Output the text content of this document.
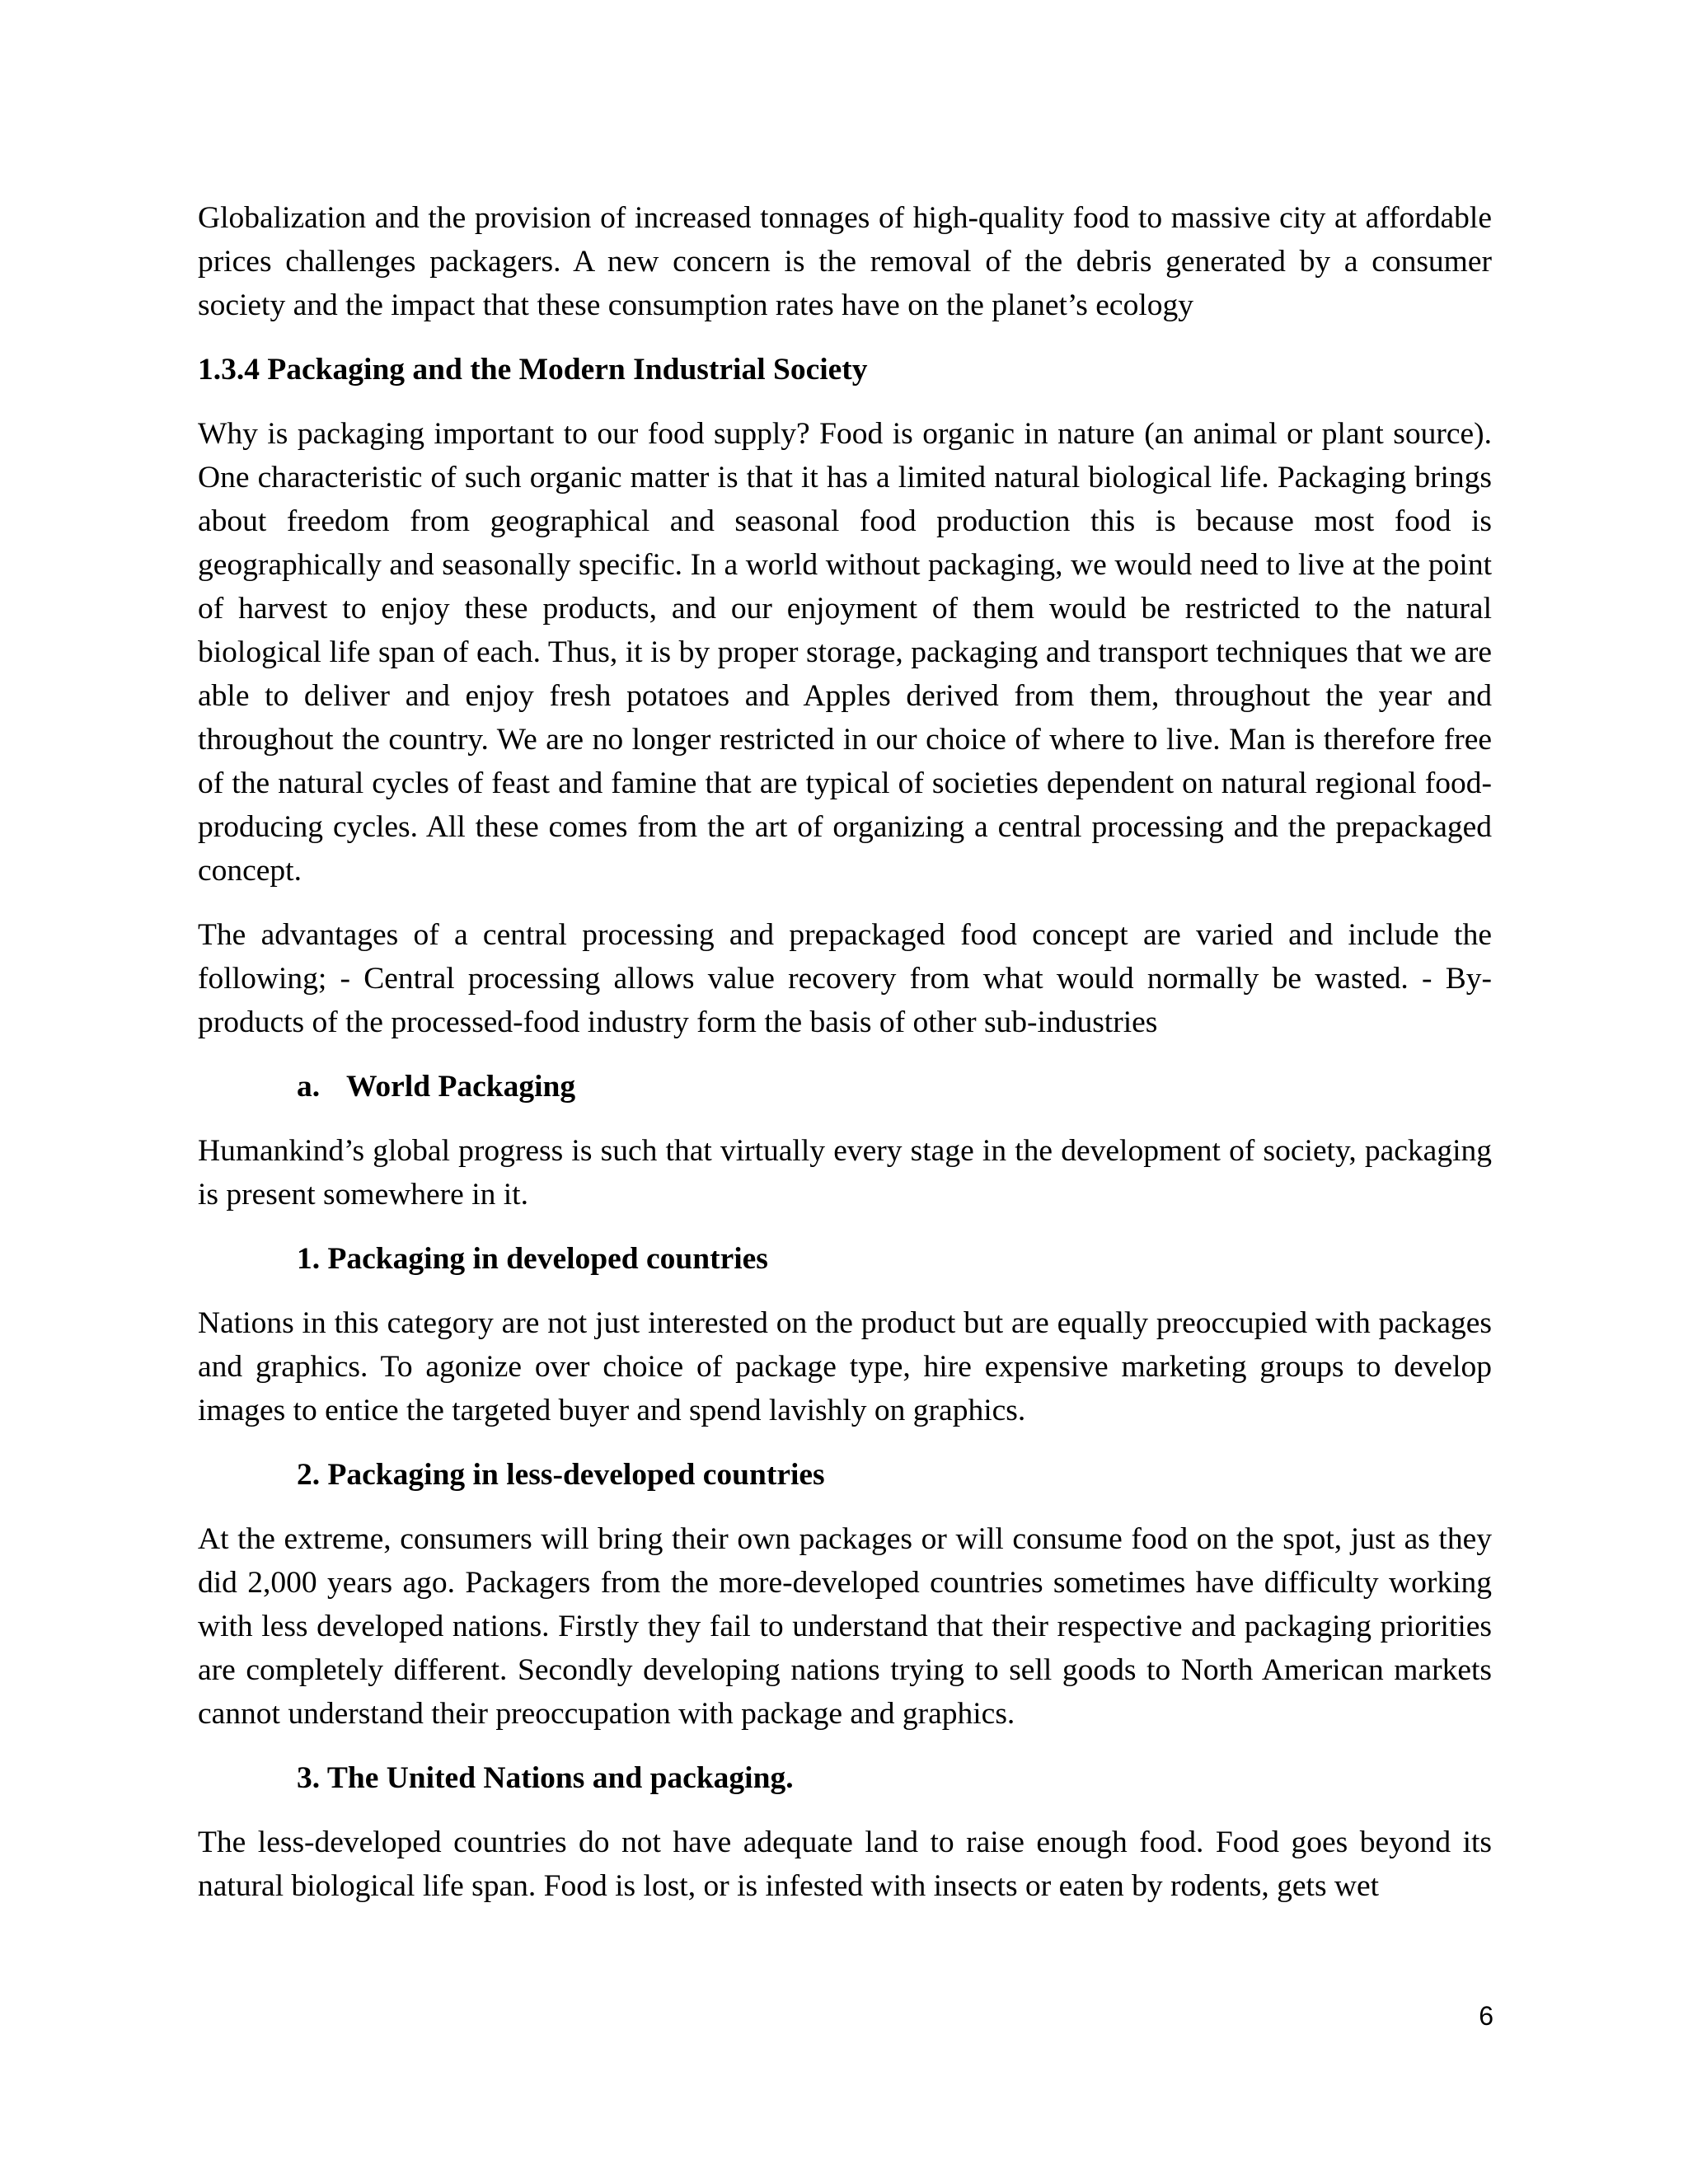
Globalization and the provision of increased tonnages of high-quality food to massive city at affordable prices challenges packagers. A new concern is the removal of the debris generated by a consumer society and the impact that these consumption rates have on the planet’s ecology

1.3.4 Packaging and the Modern Industrial Society

Why is packaging important to our food supply? Food is organic in nature (an animal or plant source). One characteristic of such organic matter is that it has a limited natural biological life. Packaging brings about freedom from geographical and seasonal food production this is because most food is geographically and seasonally specific. In a world without packaging, we would need to live at the point of harvest to enjoy these products, and our enjoyment of them would be restricted to the natural biological life span of each. Thus, it is by proper storage, packaging and transport techniques that we are able to deliver and enjoy fresh potatoes and Apples derived from them, throughout the year and throughout the country. We are no longer restricted in our choice of where to live. Man is therefore free of the natural cycles of feast and famine that are typical of societies dependent on natural regional food-producing cycles. All these comes from the art of organizing a central processing and the prepackaged concept.

The advantages of a central processing and prepackaged food concept are varied and include the following; - Central processing allows value recovery from what would normally be wasted. - By-products of the processed-food industry form the basis of other sub-industries

a. World Packaging

Humankind’s global progress is such that virtually every stage in the development of society, packaging is present somewhere in it.

1. Packaging in developed countries

Nations in this category are not just interested on the product but are equally preoccupied with packages and graphics. To agonize over choice of package type, hire expensive marketing groups to develop images to entice the targeted buyer and spend lavishly on graphics.

2. Packaging in less-developed countries

At the extreme, consumers will bring their own packages or will consume food on the spot, just as they did 2,000 years ago. Packagers from the more-developed countries sometimes have difficulty working with less developed nations. Firstly they fail to understand that their respective and packaging priorities are completely different. Secondly developing nations trying to sell goods to North American markets cannot understand their preoccupation with package and graphics.

3. The United Nations and packaging.

The less-developed countries do not have adequate land to raise enough food. Food goes beyond its natural biological life span. Food is lost, or is infested with insects or eaten by rodents, gets wet

6
